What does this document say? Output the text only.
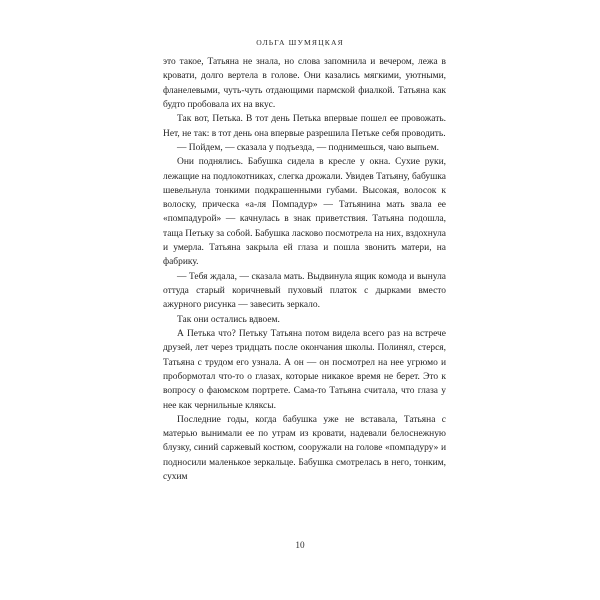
ОЛЬГА ШУМЯЦКАЯ

это такое, Татьяна не знала, но слова запомнила и вечером, лежа в кровати, долго вертела в голове. Они казались мягкими, уютными, фланелевыми, чуть-чуть отдающими пармской фиалкой. Татьяна как будто пробовала их на вкус.

Так вот, Петька. В тот день Петька впервые пошел ее провожать. Нет, не так: в тот день она впервые разрешила Петьке себя проводить.

— Пойдем, — сказала у подъезда, — поднимешься, чаю выпьем.

Они поднялись. Бабушка сидела в кресле у окна. Сухие руки, лежащие на подлокотниках, слегка дрожали. Увидев Татьяну, бабушка шевельнула тонкими подкрашенными губами. Высокая, волосок к волоску, прическа «а-ля Помпадур» — Татьянина мать звала ее «помпадурой» — качнулась в знак приветствия. Татьяна подошла, таща Петьку за собой. Бабушка ласково посмотрела на них, вздохнула и умерла. Татьяна закрыла ей глаза и пошла звонить матери, на фабрику.

— Тебя ждала, — сказала мать. Выдвинула ящик комода и вынула оттуда старый коричневый пуховый платок с дырками вместо ажурного рисунка — завесить зеркало.

Так они остались вдвоем.

А Петька что? Петьку Татьяна потом видела всего раз на встрече друзей, лет через тридцать после окончания школы. Полинял, стерся, Татьяна с трудом его узнала. А он — он посмотрел на нее угрюмо и пробормотал что-то о глазах, которые никакое время не берет. Это к вопросу о фаюмском портрете. Сама-то Татьяна считала, что глаза у нее как чернильные кляксы.

Последние годы, когда бабушка уже не вставала, Татьяна с матерью вынимали ее по утрам из кровати, надевали белоснежную блузку, синий саржевый костюм, сооружали на голове «помпадуру» и подносили маленькое зеркальце. Бабушка смотрелась в него, тонким, сухим

10
